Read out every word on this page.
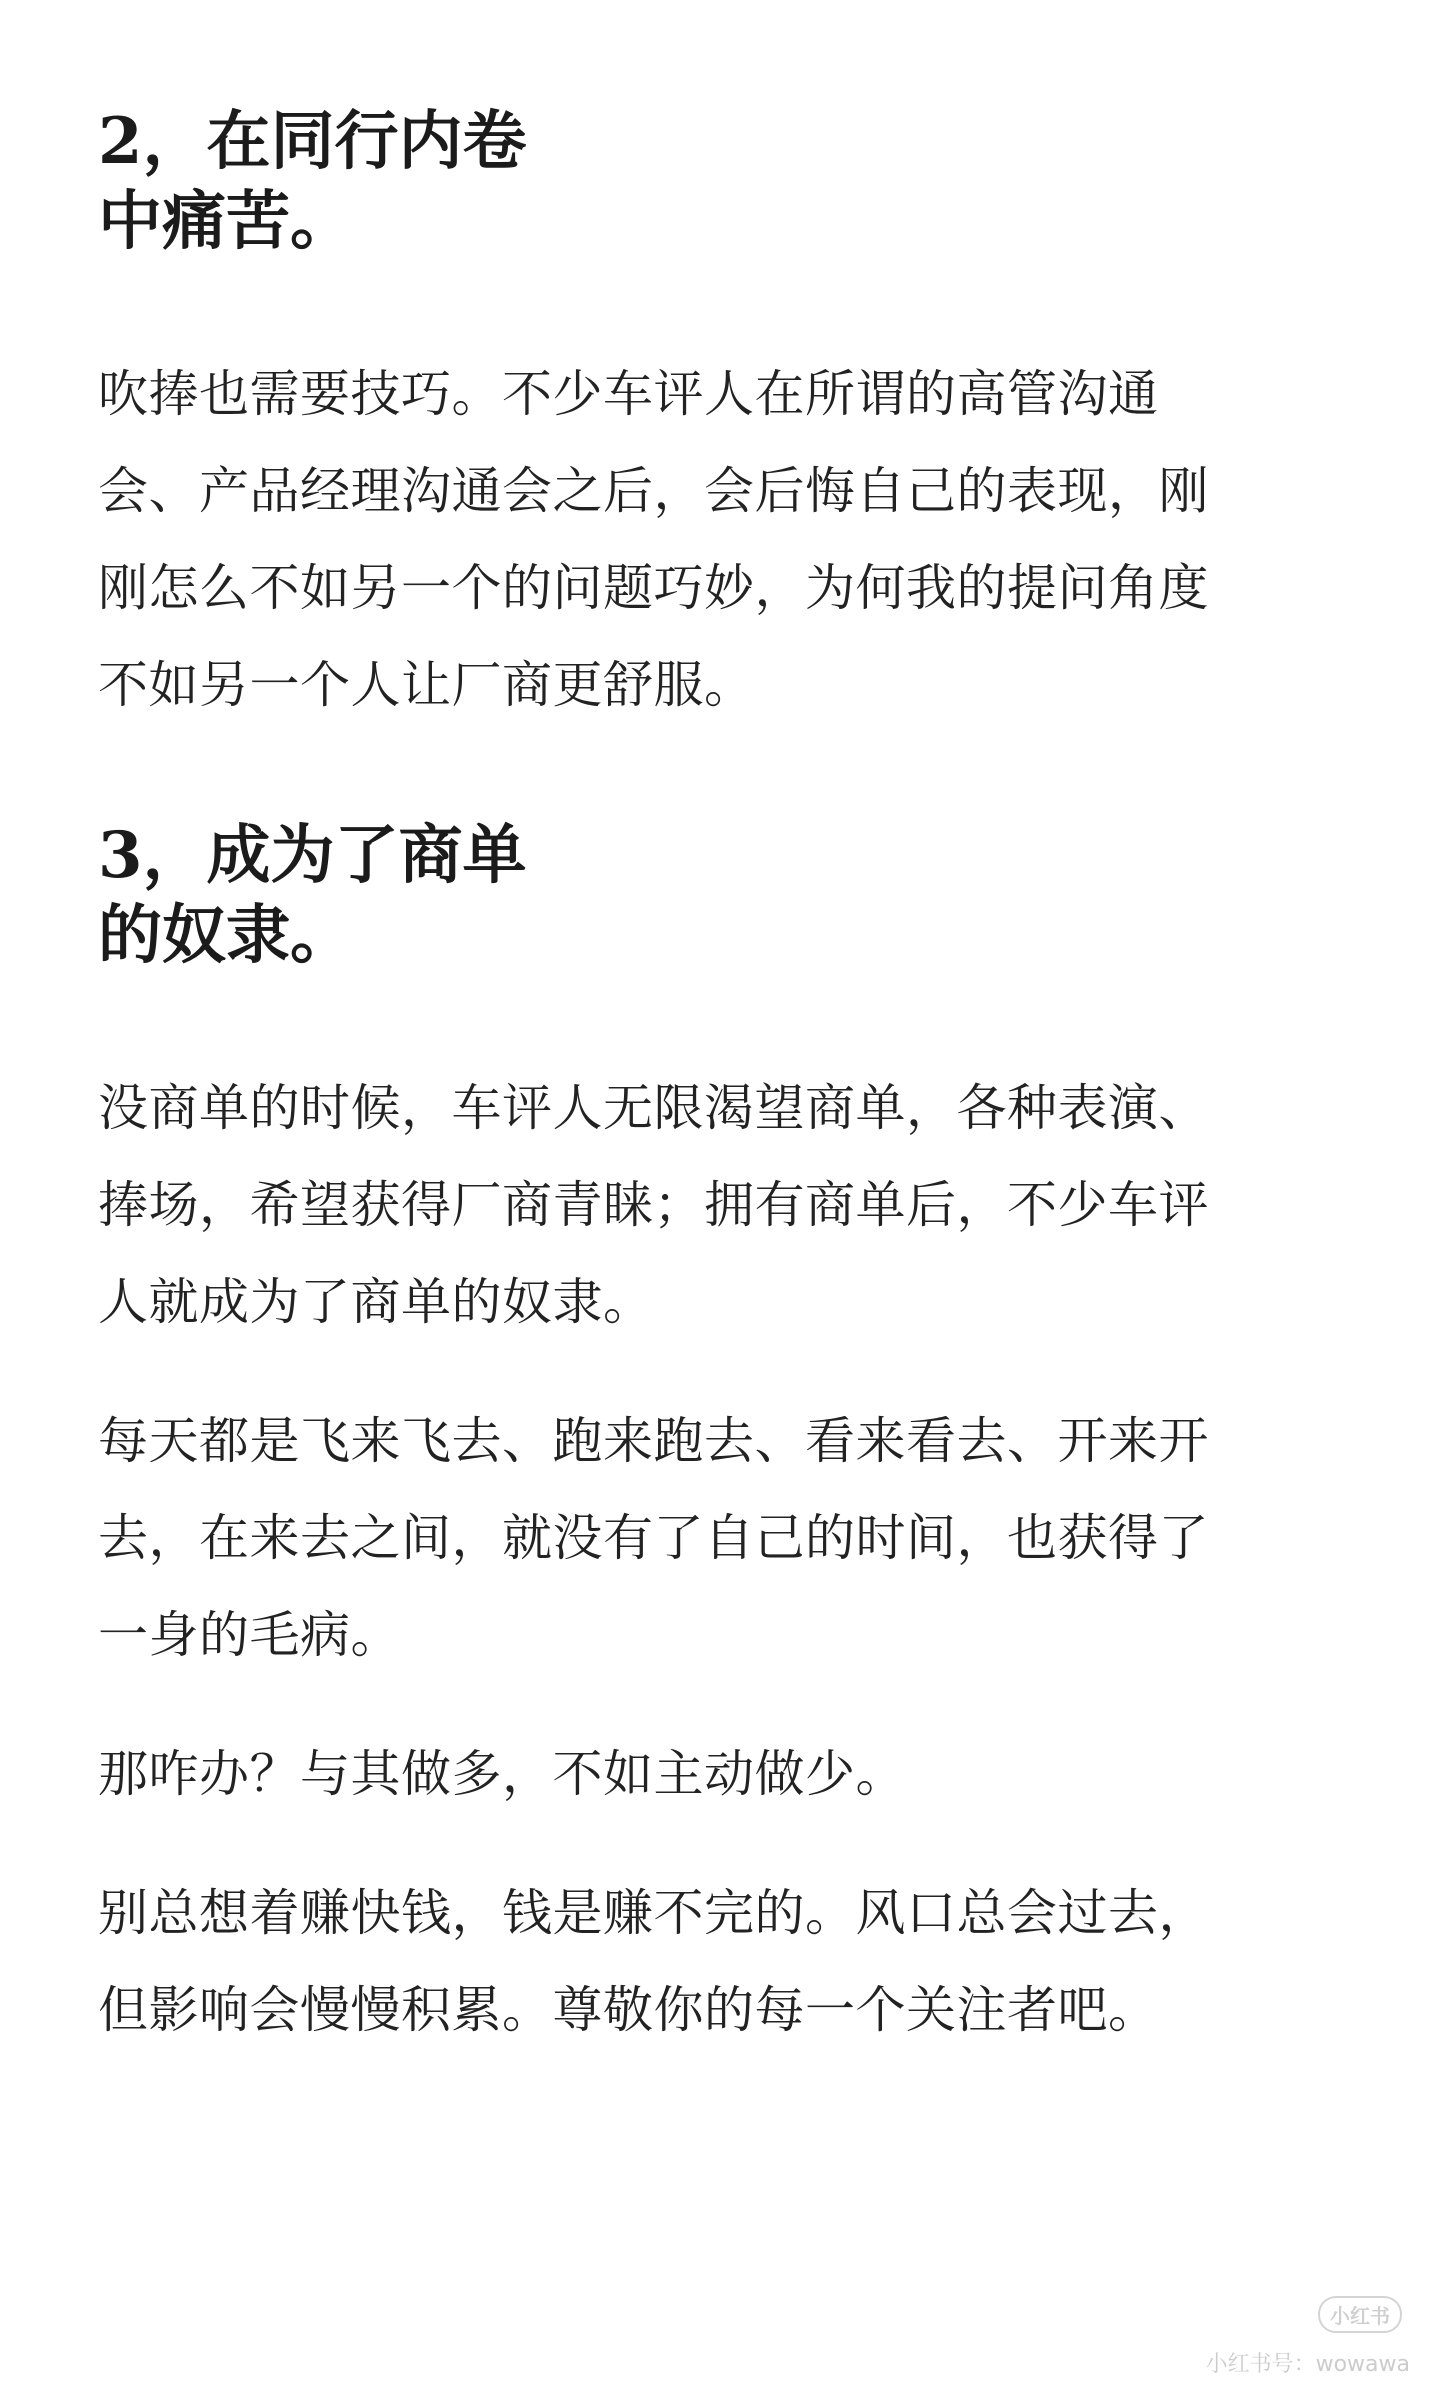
2，在同行内卷
中痛苦。

吹捧也需要技巧。不少车评人在所谓的高管沟通
会、产品经理沟通会之后，会后悔自己的表现，刚
刚怎么不如另一个的问题巧妙，为何我的提问角度
不如另一个人让厂商更舒服。

3，成为了商单
的奴隶。

没商单的时候，车评人无限渴望商单，各种表演、
捧场，希望获得厂商青睐；拥有商单后，不少车评
人就成为了商单的奴隶。

每天都是飞来飞去、跑来跑去、看来看去、开来开
去，在来去之间，就没有了自己的时间，也获得了
一身的毛病。

那咋办？与其做多，不如主动做少。

别总想着赚快钱，钱是赚不完的。风口总会过去，
但影响会慢慢积累。尊敬你的每一个关注者吧。

小红书
小红书号：wowawa
